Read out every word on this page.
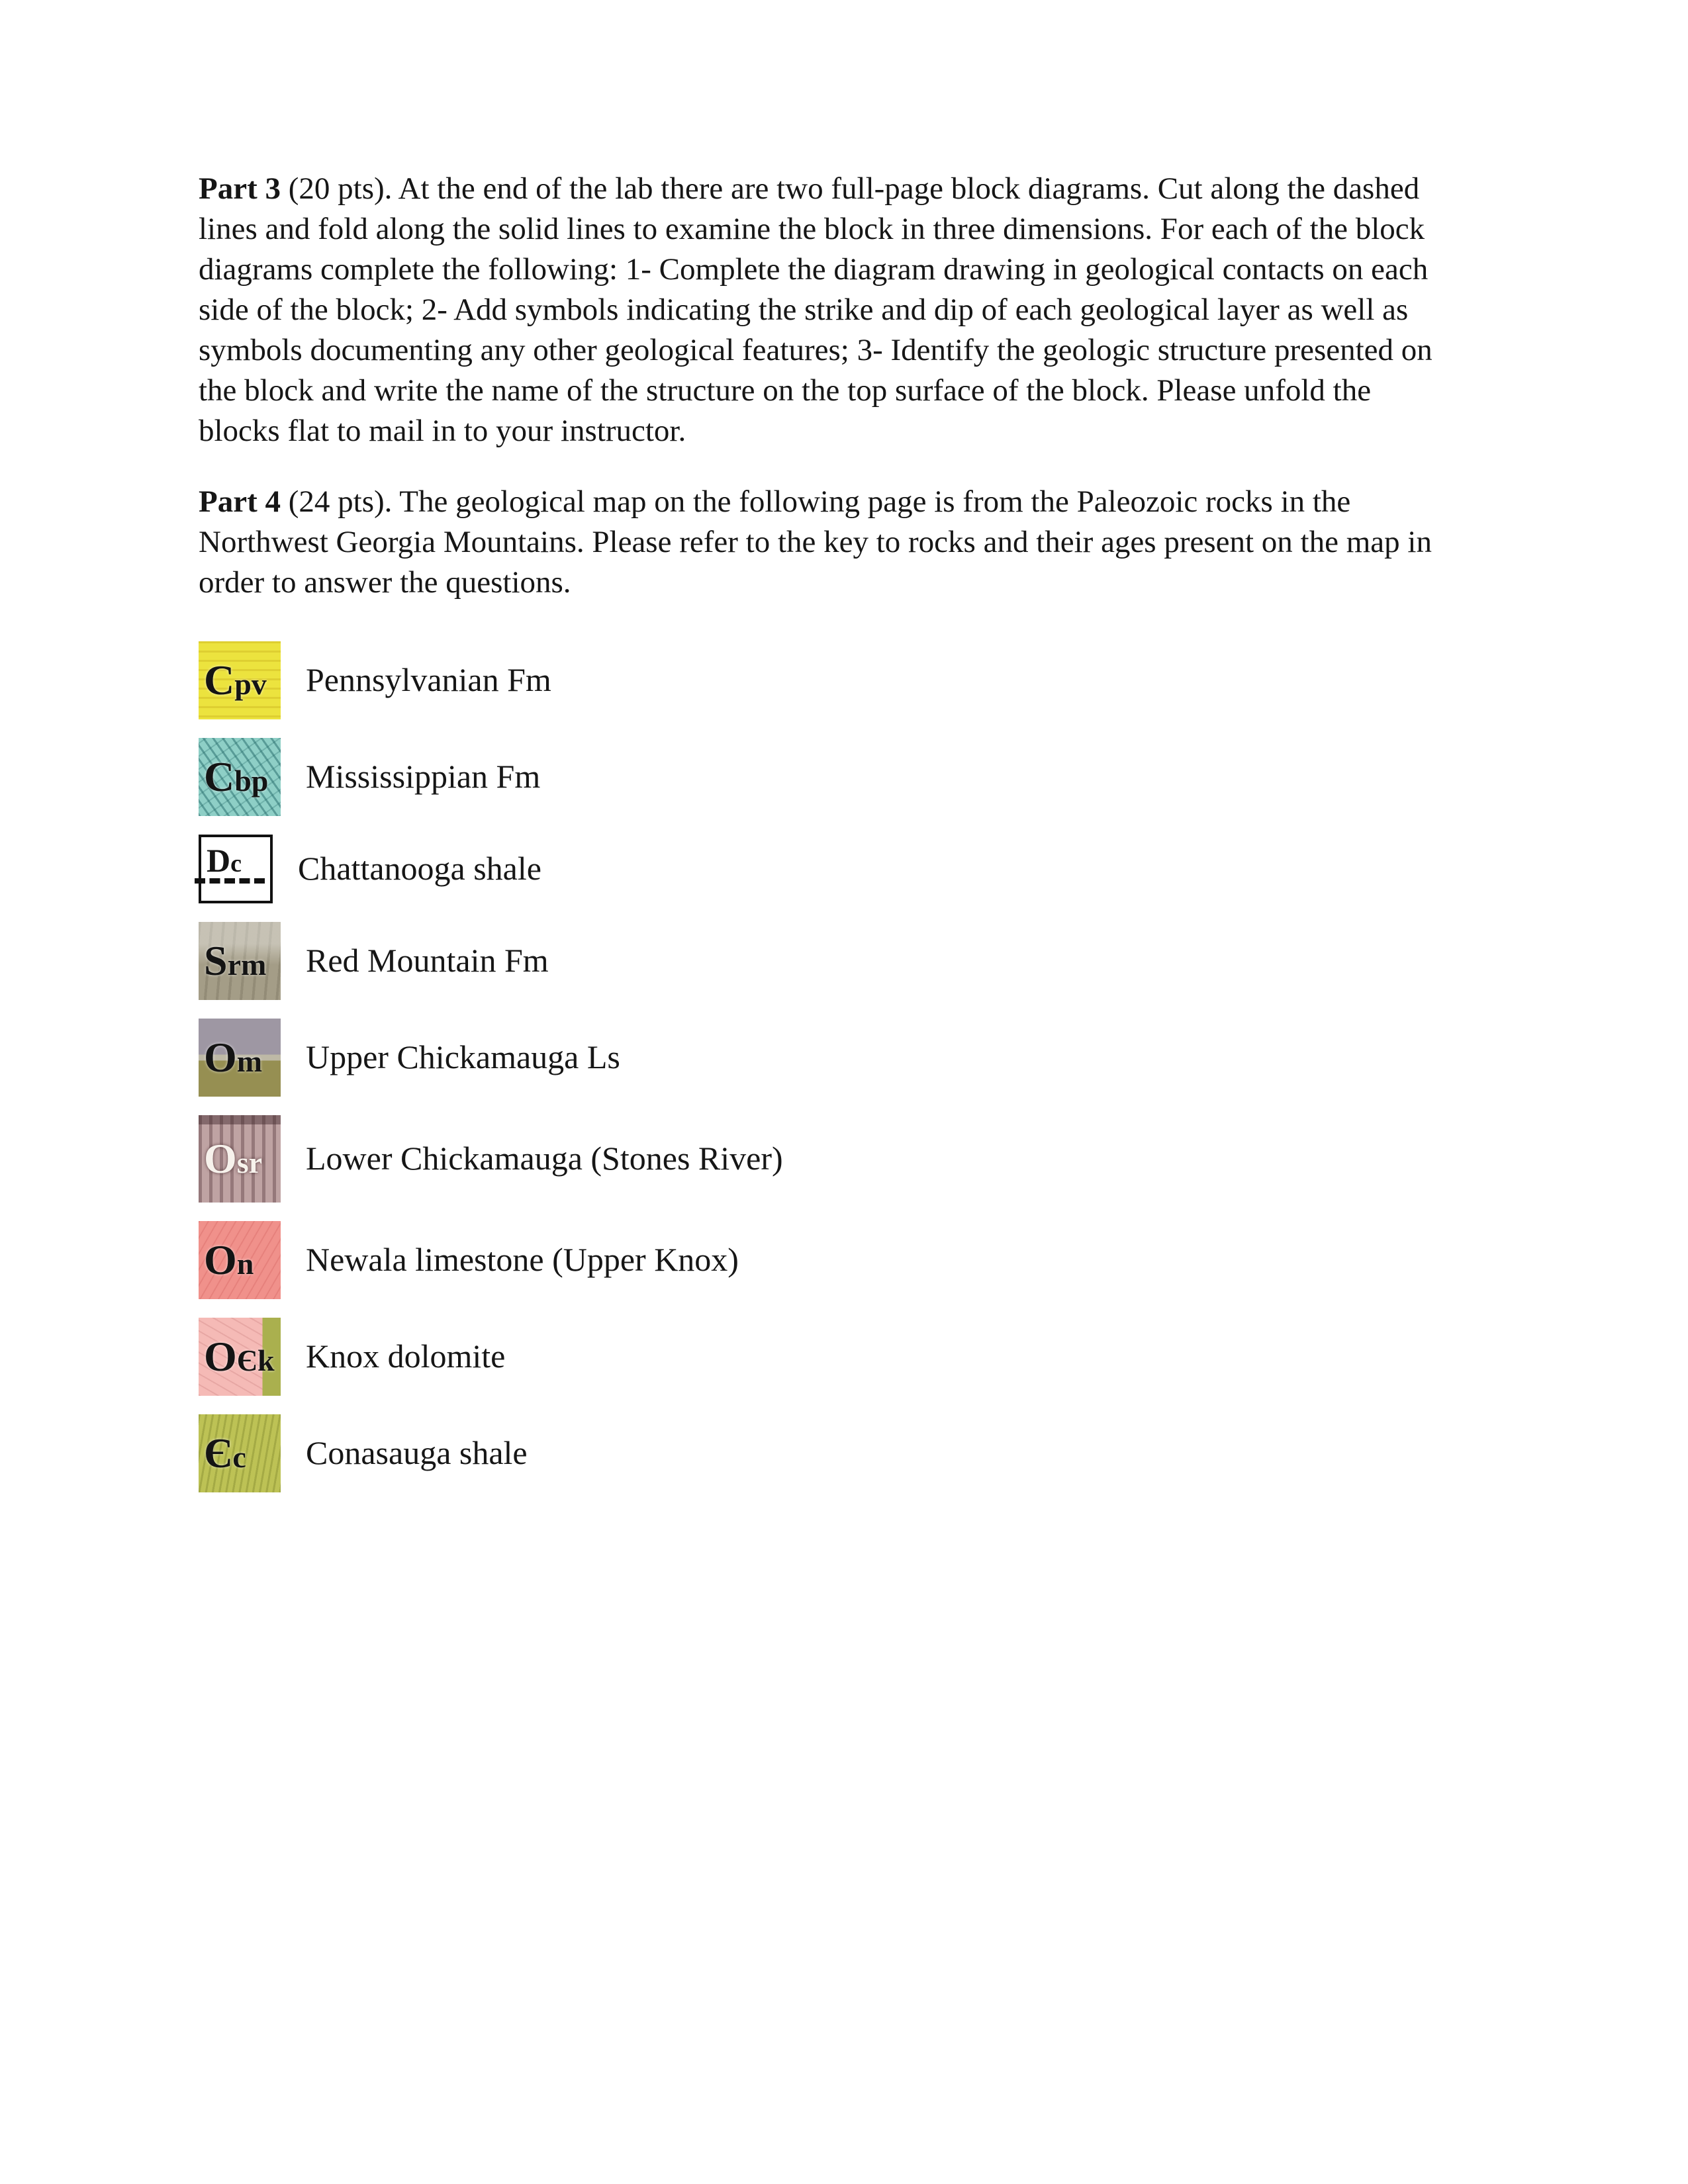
Part 3 (20 pts). At the end of the lab there are two full-page block diagrams. Cut along the dashed lines and fold along the solid lines to examine the block in three dimensions. For each of the block diagrams complete the following: 1- Complete the diagram drawing in geological contacts on each side of the block; 2- Add symbols indicating the strike and dip of each geological layer as well as symbols documenting any other geological features; 3- Identify the geologic structure presented on the block and write the name of the structure on the top surface of the block. Please unfold the blocks flat to mail in to your instructor.

Part 4 (24 pts). The geological map on the following page is from the Paleozoic rocks in the Northwest Georgia Mountains. Please refer to the key to rocks and their ages present on the map in order to answer the questions.

Cpv Pennsylvanian Fm
Cbp Mississippian Fm
Dc Chattanooga shale
Srm Red Mountain Fm
Om Upper Chickamauga Ls
Osr Lower Chickamauga (Stones River)
On Newala limestone (Upper Knox)
OЄk Knox dolomite
Єc Conasauga shale
